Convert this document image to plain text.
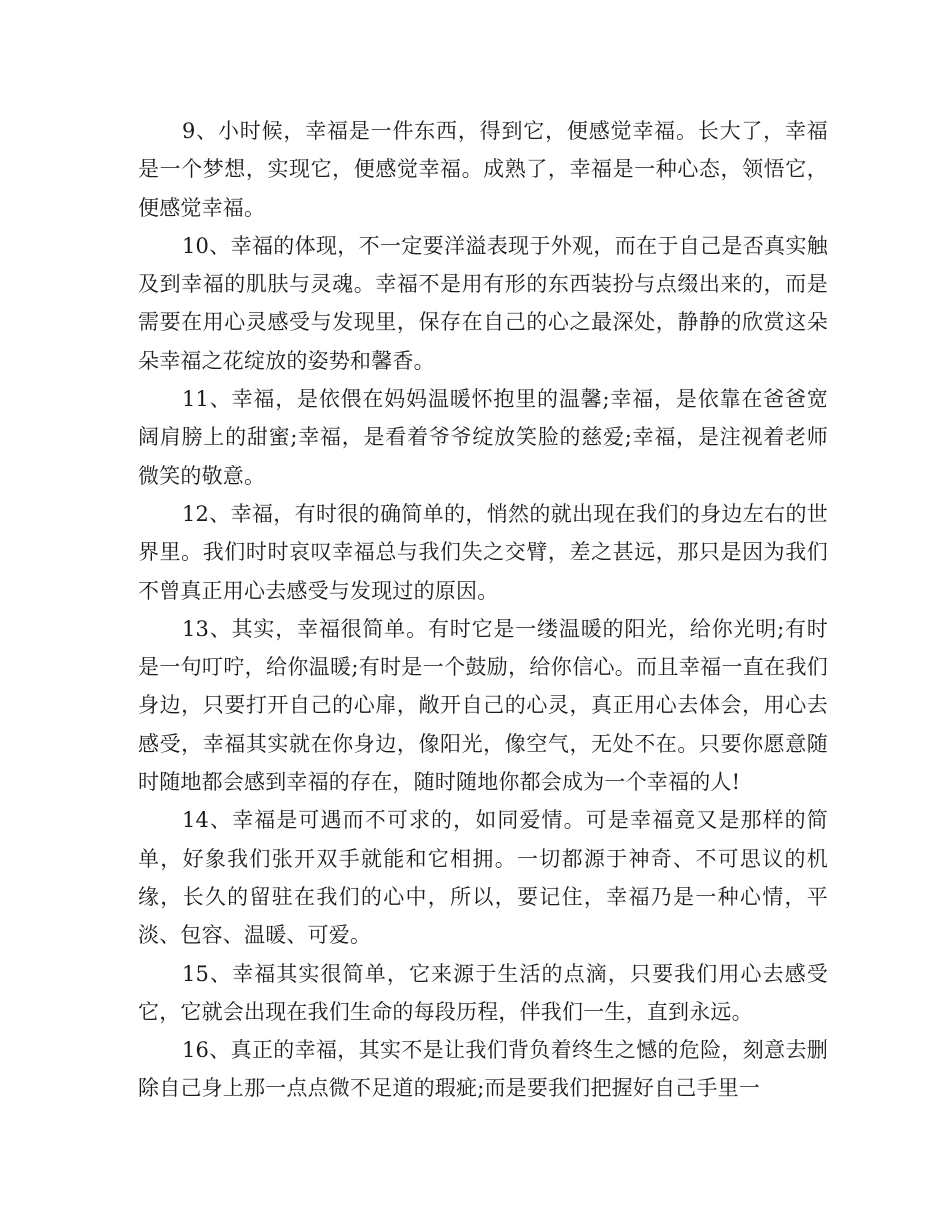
9、小时候，幸福是一件东西，得到它，便感觉幸福。长大了，幸福是一个梦想，实现它，便感觉幸福。成熟了，幸福是一种心态，领悟它，便感觉幸福。

10、幸福的体现，不一定要洋溢表现于外观，而在于自己是否真实触及到幸福的肌肤与灵魂。幸福不是用有形的东西装扮与点缀出来的，而是需要在用心灵感受与发现里，保存在自己的心之最深处，静静的欣赏这朵朵幸福之花绽放的姿势和馨香。

11、幸福，是依偎在妈妈温暖怀抱里的温馨;幸福，是依靠在爸爸宽阔肩膀上的甜蜜;幸福，是看着爷爷绽放笑脸的慈爱;幸福，是注视着老师微笑的敬意。

12、幸福，有时很的确简单的，悄然的就出现在我们的身边左右的世界里。我们时时哀叹幸福总与我们失之交臂，差之甚远，那只是因为我们不曾真正用心去感受与发现过的原因。

13、其实，幸福很简单。有时它是一缕温暖的阳光，给你光明;有时是一句叮咛，给你温暖;有时是一个鼓励，给你信心。而且幸福一直在我们身边，只要打开自己的心扉，敞开自己的心灵，真正用心去体会，用心去感受，幸福其实就在你身边，像阳光，像空气，无处不在。只要你愿意随时随地都会感到幸福的存在，随时随地你都会成为一个幸福的人!

14、幸福是可遇而不可求的，如同爱情。可是幸福竟又是那样的简单，好象我们张开双手就能和它相拥。一切都源于神奇、不可思议的机缘，长久的留驻在我们的心中，所以，要记住，幸福乃是一种心情，平淡、包容、温暖、可爱。

15、幸福其实很简单，它来源于生活的点滴，只要我们用心去感受它，它就会出现在我们生命的每段历程，伴我们一生，直到永远。

16、真正的幸福，其实不是让我们背负着终生之憾的危险，刻意去删除自己身上那一点点微不足道的瑕疵;而是要我们把握好自己手里一
